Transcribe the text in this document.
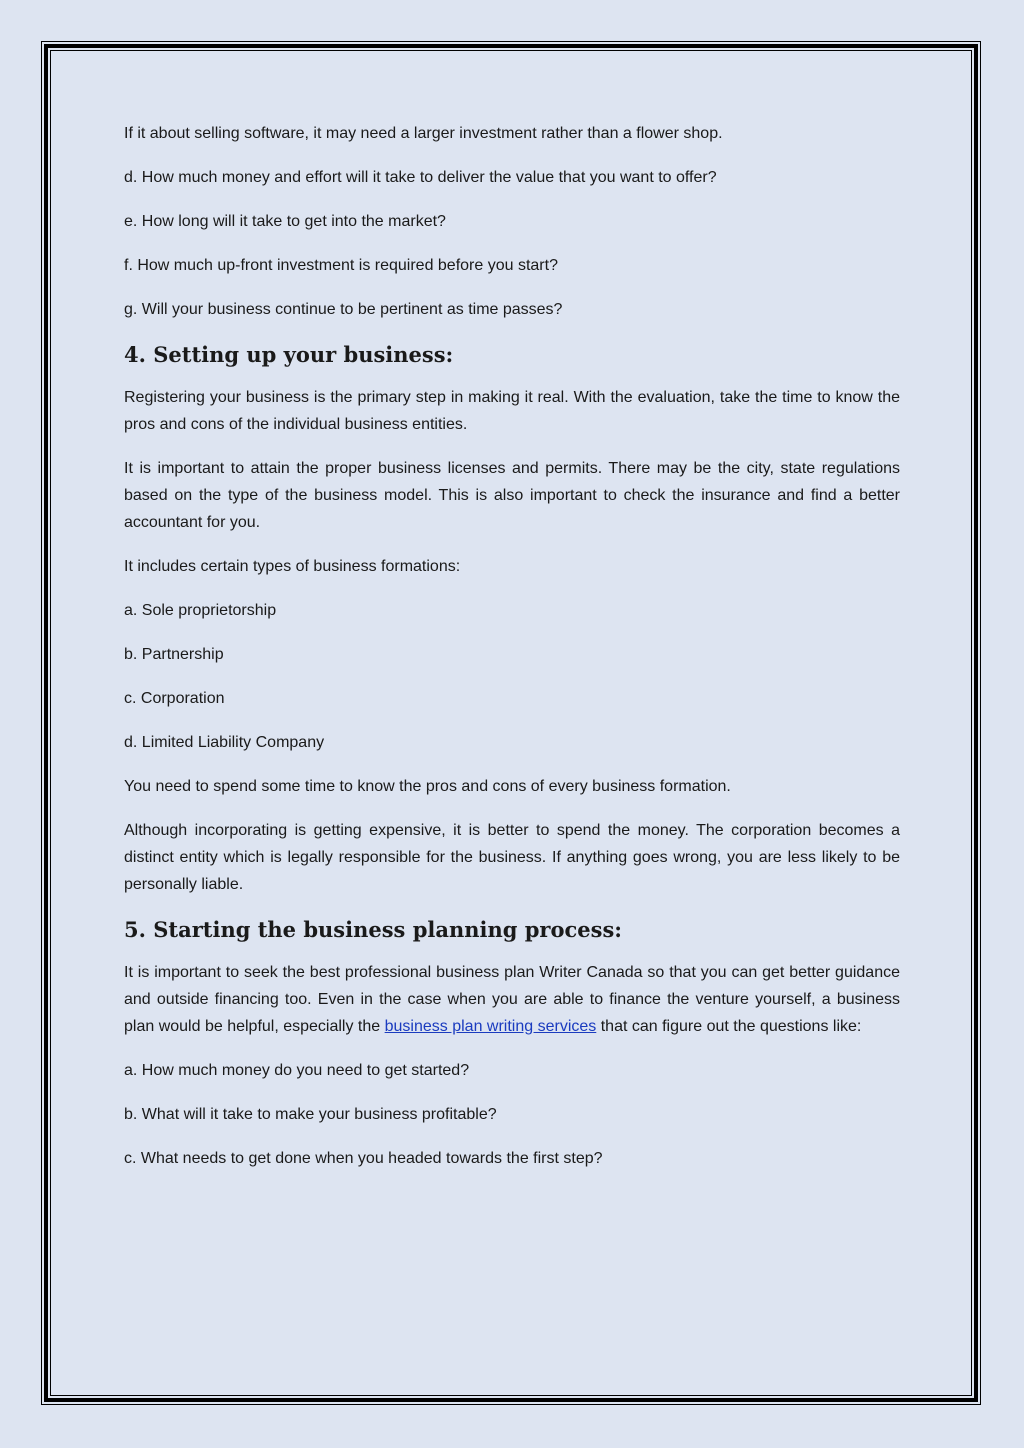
If it about selling software, it may need a larger investment rather than a flower shop.

d. How much money and effort will it take to deliver the value that you want to offer?

e. How long will it take to get into the market?

f. How much up-front investment is required before you start?

g. Will your business continue to be pertinent as time passes?

4. Setting up your business:

Registering your business is the primary step in making it real. With the evaluation, take the time to know the pros and cons of the individual business entities.

It is important to attain the proper business licenses and permits. There may be the city, state regulations based on the type of the business model. This is also important to check the insurance and find a better accountant for you.

It includes certain types of business formations:

a. Sole proprietorship

b. Partnership

c. Corporation

d. Limited Liability Company

You need to spend some time to know the pros and cons of every business formation.

Although incorporating is getting expensive, it is better to spend the money. The corporation becomes a distinct entity which is legally responsible for the business. If anything goes wrong, you are less likely to be personally liable.

5. Starting the business planning process:

It is important to seek the best professional business plan Writer Canada so that you can get better guidance and outside financing too. Even in the case when you are able to finance the venture yourself, a business plan would be helpful, especially the business plan writing services that can figure out the questions like:

a. How much money do you need to get started?

b. What will it take to make your business profitable?

c. What needs to get done when you headed towards the first step?
